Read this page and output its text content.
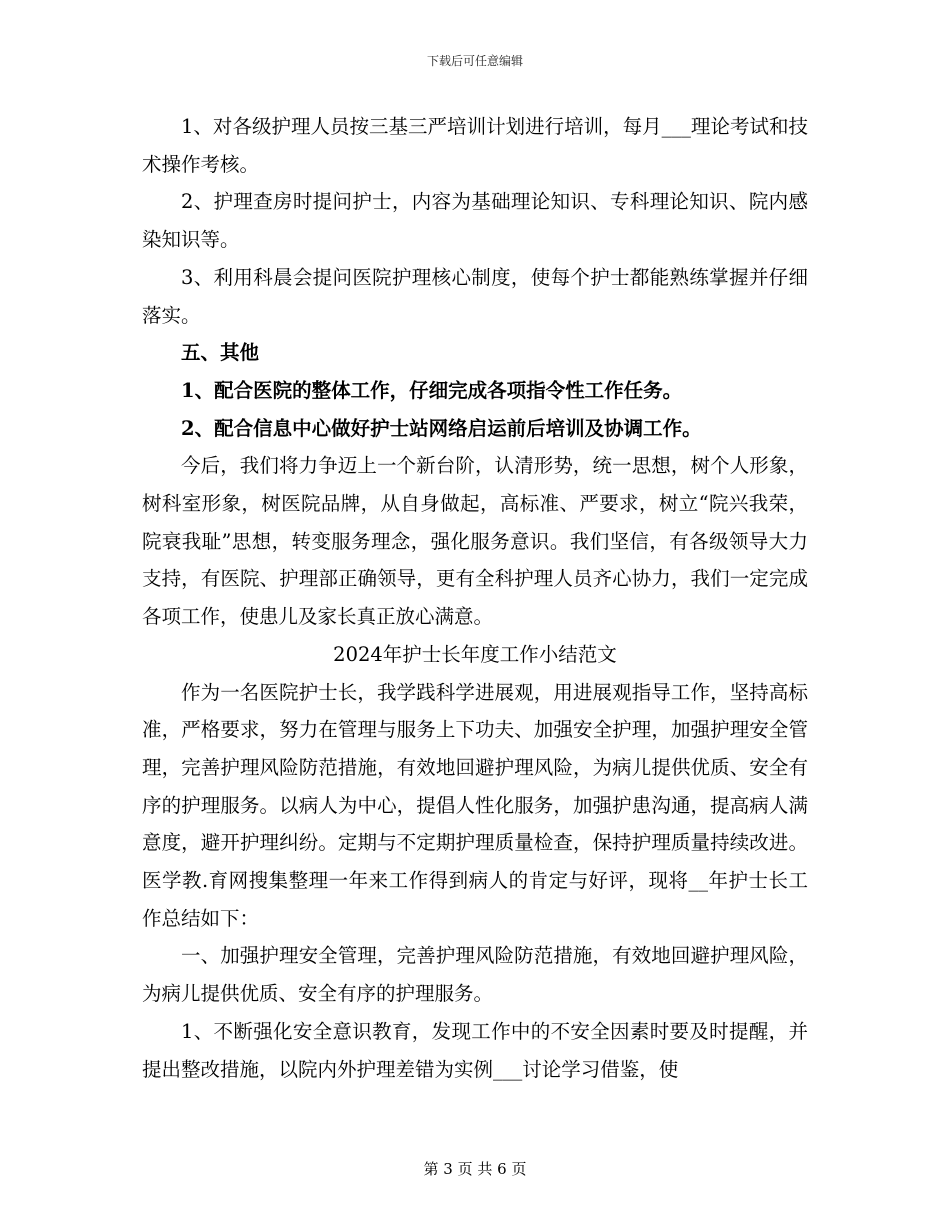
下载后可任意编辑

1、对各级护理人员按三基三严培训计划进行培训，每月___理论考试和技术操作考核。

2、护理查房时提问护士，内容为基础理论知识、专科理论知识、院内感染知识等。

3、利用科晨会提问医院护理核心制度，使每个护士都能熟练掌握并仔细落实。

五、其他

1、配合医院的整体工作，仔细完成各项指令性工作任务。

2、配合信息中心做好护士站网络启运前后培训及协调工作。

今后，我们将力争迈上一个新台阶，认清形势，统一思想，树个人形象，树科室形象，树医院品牌，从自身做起，高标准、严要求，树立“院兴我荣，院衰我耻”思想，转变服务理念，强化服务意识。我们坚信，有各级领导大力支持，有医院、护理部正确领导，更有全科护理人员齐心协力，我们一定完成各项工作，使患儿及家长真正放心满意。

2024年护士长年度工作小结范文

作为一名医院护士长，我学践科学进展观，用进展观指导工作，坚持高标准，严格要求，努力在管理与服务上下功夫、加强安全护理，加强护理安全管理，完善护理风险防范措施，有效地回避护理风险，为病儿提供优质、安全有序的护理服务。以病人为中心，提倡人性化服务，加强护患沟通，提高病人满意度，避开护理纠纷。定期与不定期护理质量检查，保持护理质量持续改进。医学教.育网搜集整理一年来工作得到病人的肯定与好评，现将__年护士长工作总结如下：

一、加强护理安全管理，完善护理风险防范措施，有效地回避护理风险，为病儿提供优质、安全有序的护理服务。

1、不断强化安全意识教育，发现工作中的不安全因素时要及时提醒，并提出整改措施，以院内外护理差错为实例___讨论学习借鉴，使

第 3 页 共 6 页
